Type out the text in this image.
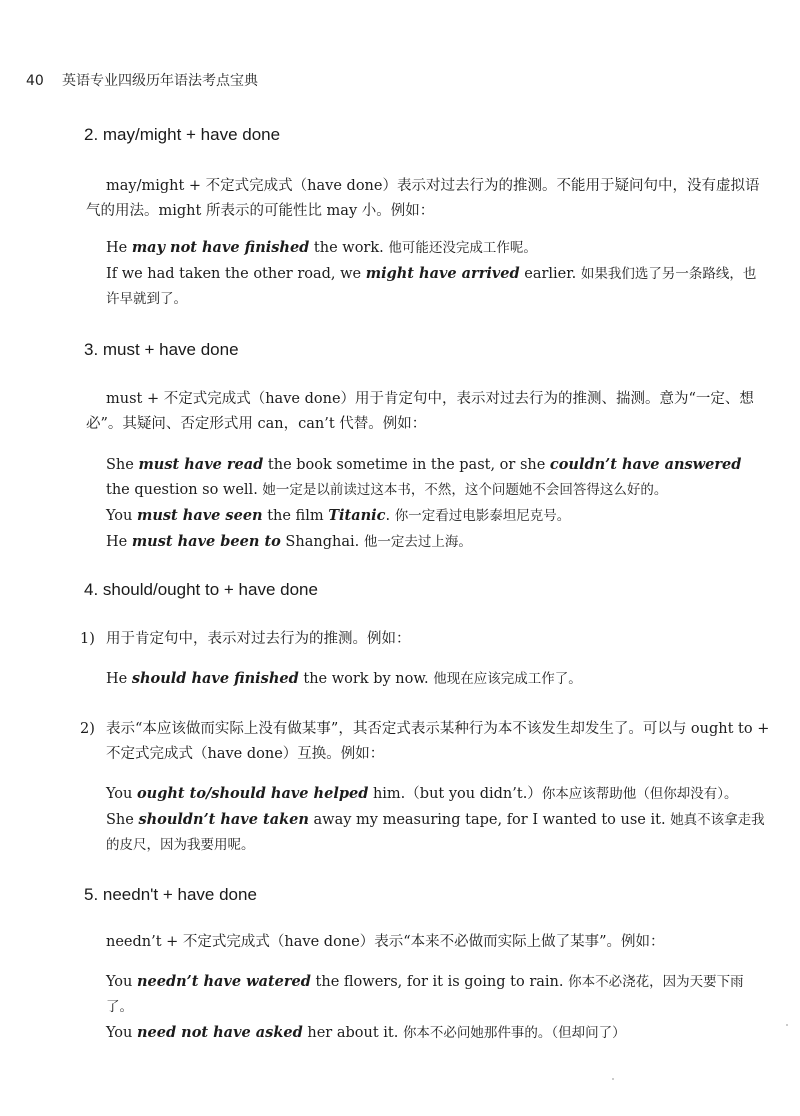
40 英语专业四级历年语法考点宝典
2. may/might + have done
may/might + 不定式完成式（have done）表示对过去行为的推测。不能用于疑问句中，没有虚拟语气的用法。might 所表示的可能性比 may 小。例如：

He may not have finished the work. 他可能还没完成工作呢。

If we had taken the other road, we might have arrived earlier. 如果我们选了另一条路线，也许早就到了。

3. must + have done
must + 不定式完成式（have done）用于肯定句中，表示对过去行为的推测、揣测。意为“一定、想必”。其疑问、否定形式用 can，can’t 代替。例如：

She must have read the book sometime in the past, or she couldn’t have answered the question so well. 她一定是以前读过这本书，不然，这个问题她不会回答得这么好的。

You must have seen the film Titanic. 你一定看过电影泰坦尼克号。

He must have been to Shanghai. 他一定去过上海。

4. should/ought to + have done
1) 用于肯定句中，表示对过去行为的推测。例如：

He should have finished the work by now. 他现在应该完成工作了。

2) 表示“本应该做而实际上没有做某事”，其否定式表示某种行为本不该发生却发生了。可以与 ought to + 不定式完成式（have done）互换。例如：

You ought to/should have helped him.（but you didn’t.）你本应该帮助他（但你却没有）。

She shouldn’t have taken away my measuring tape, for I wanted to use it. 她真不该拿走我的皮尺，因为我要用呢。

5. needn't + have done
needn’t + 不定式完成式（have done）表示“本来不必做而实际上做了某事”。例如：

You needn’t have watered the flowers, for it is going to rain. 你本不必浇花，因为天要下雨了。

You need not have asked her about it. 你本不必问她那件事的。（但却问了）
